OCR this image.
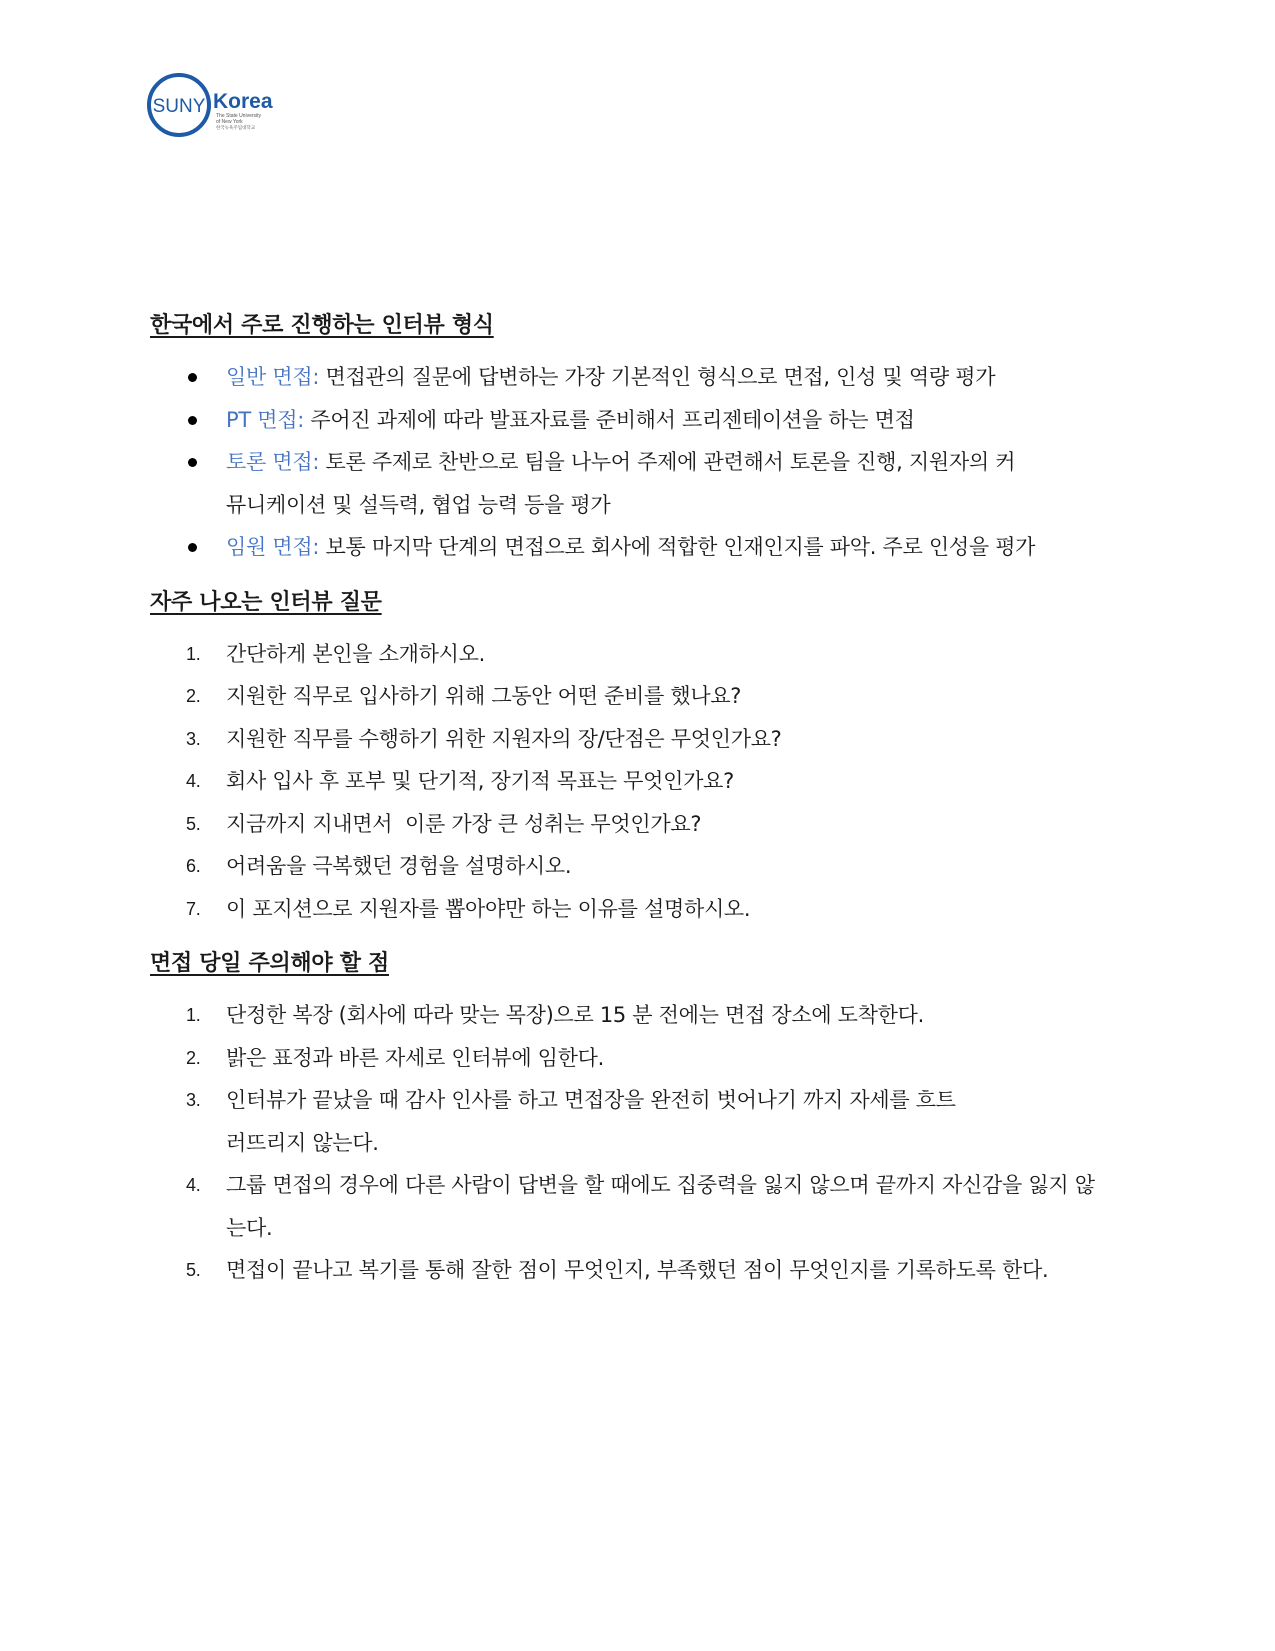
SUNY Korea
The State University
of New York
한국뉴욕주립대학교
한국에서 주로 진행하는 인터뷰 형식
일반 면접: 면접관의 질문에 답변하는 가장 기본적인 형식으로 면접, 인성 및 역량 평가
PT 면접: 주어진 과제에 따라 발표자료를 준비해서 프리젠테이션을 하는 면접
토론 면접: 토론 주제로 찬반으로 팀을 나누어 주제에 관련해서 토론을 진행, 지원자의 커뮤니케이션 및 설득력, 협업 능력 등을 평가
임원 면접: 보통 마지막 단계의 면접으로 회사에 적합한 인재인지를 파악. 주로 인성을 평가
자주 나오는 인터뷰 질문
1. 간단하게 본인을 소개하시오.
2. 지원한 직무로 입사하기 위해 그동안 어떤 준비를 했나요?
3. 지원한 직무를 수행하기 위한 지원자의 장/단점은 무엇인가요?
4. 회사 입사 후 포부 및 단기적, 장기적 목표는 무엇인가요?
5. 지금까지 지내면서  이룬 가장 큰 성취는 무엇인가요?
6. 어려움을 극복했던 경험을 설명하시오.
7. 이 포지션으로 지원자를 뽑아야만 하는 이유를 설명하시오.
면접 당일 주의해야 할 점
1. 단정한 복장 (회사에 따라 맞는 목장)으로 15 분 전에는 면접 장소에 도착한다.
2. 밝은 표정과 바른 자세로 인터뷰에 임한다.
3. 인터뷰가 끝났을 때 감사 인사를 하고 면접장을 완전히 벗어나기 까지 자세를 흐트러뜨리지 않는다.
4. 그룹 면접의 경우에 다른 사람이 답변을 할 때에도 집중력을 잃지 않으며 끝까지 자신감을 잃지 않는다.
5. 면접이 끝나고 복기를 통해 잘한 점이 무엇인지, 부족했던 점이 무엇인지를 기록하도록 한다.
